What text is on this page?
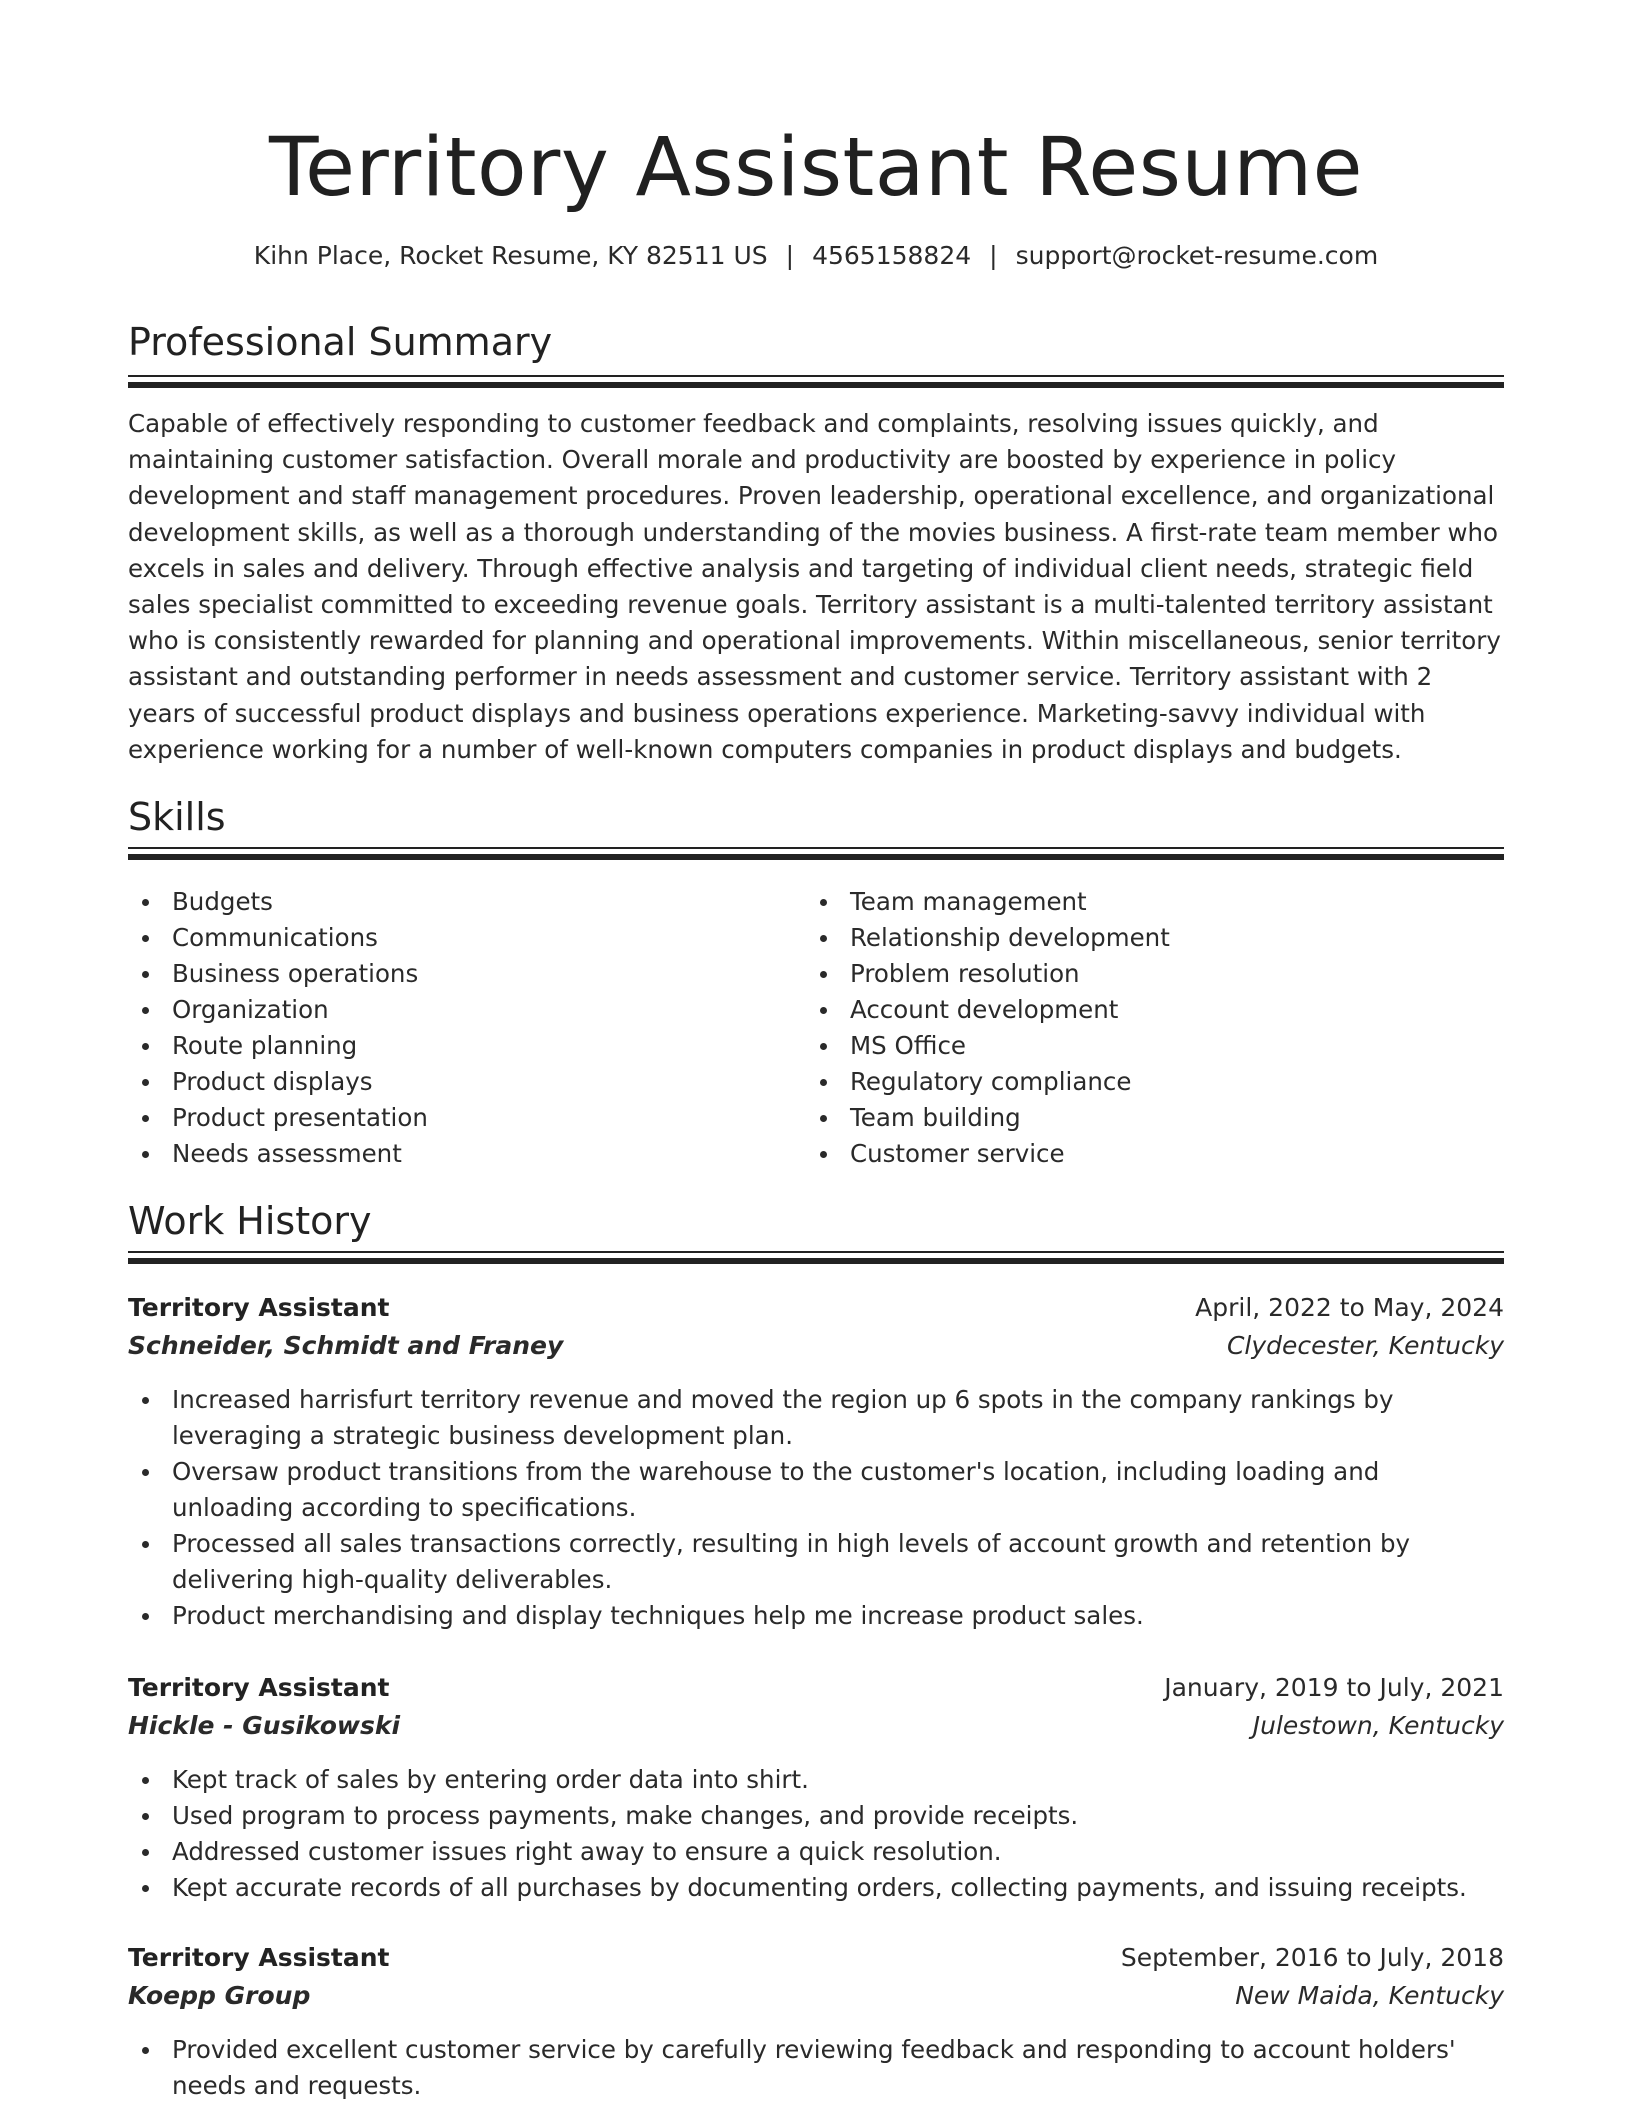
Territory Assistant Resume
Kihn Place, Rocket Resume, KY 82511 US | 4565158824 | support@rocket-resume.com
Professional Summary

Capable of effectively responding to customer feedback and complaints, resolving issues quickly, and maintaining customer satisfaction. Overall morale and productivity are boosted by experience in policy development and staff management procedures. Proven leadership, operational excellence, and organizational development skills, as well as a thorough understanding of the movies business. A first-rate team member who excels in sales and delivery. Through effective analysis and targeting of individual client needs, strategic field sales specialist committed to exceeding revenue goals. Territory assistant is a multi-talented territory assistant who is consistently rewarded for planning and operational improvements. Within miscellaneous, senior territory assistant and outstanding performer in needs assessment and customer service. Territory assistant with 2 years of successful product displays and business operations experience. Marketing-savvy individual with experience working for a number of well-known computers companies in product displays and budgets.

Skills
Budgets
Communications
Business operations
Organization
Route planning
Product displays
Product presentation
Needs assessment
Team management
Relationship development
Problem resolution
Account development
MS Office
Regulatory compliance
Team building
Customer service
Work History
Territory Assistant	April, 2022 to May, 2024
Schneider, Schmidt and Franey	Clydecester, Kentucky
Increased harrisfurt territory revenue and moved the region up 6 spots in the company rankings by leveraging a strategic business development plan.
Oversaw product transitions from the warehouse to the customer's location, including loading and unloading according to specifications.
Processed all sales transactions correctly, resulting in high levels of account growth and retention by delivering high-quality deliverables.
Product merchandising and display techniques help me increase product sales.
Territory Assistant	January, 2019 to July, 2021
Hickle - Gusikowski	Julestown, Kentucky
Kept track of sales by entering order data into shirt.
Used program to process payments, make changes, and provide receipts.
Addressed customer issues right away to ensure a quick resolution.
Kept accurate records of all purchases by documenting orders, collecting payments, and issuing receipts.
Territory Assistant	September, 2016 to July, 2018
Koepp Group	New Maida, Kentucky
Provided excellent customer service by carefully reviewing feedback and responding to account holders' needs and requests.
